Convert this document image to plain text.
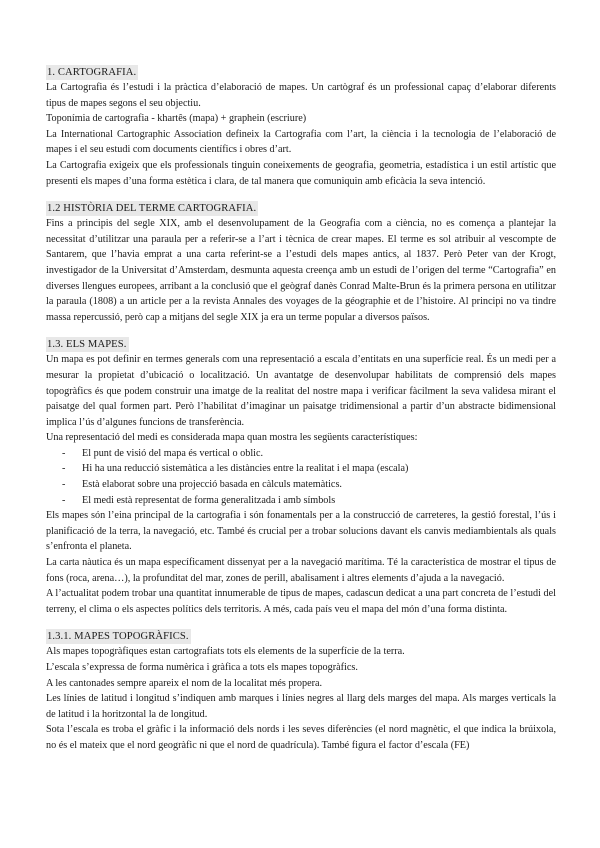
1. CARTOGRAFIA.

La Cartografia és l’estudi i la pràctica d’elaboració de mapes. Un cartògraf és un professional capaç d’elaborar diferents tipus de mapes segons el seu objectiu.

Toponímia de cartografia - khartês (mapa) + graphein (escriure)

La International Cartographic Association defineix la Cartografia com l’art, la ciència i la tecnologia de l’elaboració de mapes i el seu estudi com documents científics i obres d’art.

La Cartografia exigeix que els professionals tinguin coneixements de geografia, geometria, estadística i un estil artístic que presenti els mapes d’una forma estètica i clara, de tal manera que comuniquin amb eficàcia la seva intenció.

1.2 HISTÒRIA DEL TERME CARTOGRAFIA.

Fins a principis del segle XIX, amb el desenvolupament de la Geografia com a ciència, no es comença a plantejar la necessitat d’utilitzar una paraula per a referir-se a l’art i tècnica de crear mapes. El terme es sol atribuir al vescompte de Santarem, que l’havia emprat a una carta referint-se a l’estudi dels mapes antics, al 1837. Però Peter van der Krogt, investigador de la Universitat d’Amsterdam, desmunta aquesta creença amb un estudi de l’origen del terme “Cartografia” en diverses llengues europees, arribant a la conclusió que el geògraf danès Conrad Malte-Brun és la primera persona en utilitzar la paraula (1808) a un article per a la revista Annales des voyages de la géographie et de l’histoire. Al principi no va tindre massa repercussió, però cap a mitjans del segle XIX ja era un terme popular a diversos països.

1.3. ELS MAPES.

Un mapa es pot definir en termes generals com una representació a escala d’entitats en una superfície real. És un medi per a mesurar la propietat d’ubicació o localització. Un avantatge de desenvolupar habilitats de comprensió dels mapes topogràfics és que podem construir una imatge de la realitat del nostre mapa i verificar fàcilment la seva validesa mirant el paisatge del qual formen part. Però l’habilitat d’imaginar un paisatge tridimensional a partir d’un abstracte bidimensional implica l’ús d’algunes funcions de transferència.

Una representació del medi es considerada mapa quan mostra les següents característiques:

- El punt de visió del mapa és vertical o oblic.
- Hi ha una reducció sistemàtica a les distàncies entre la realitat i el mapa (escala)
- Està elaborat sobre una projecció basada en càlculs matemàtics.
- El medi està representat de forma generalitzada i amb símbols

Els mapes són l’eina principal de la cartografia i són fonamentals per a la construcció de carreteres, la gestió forestal, l’ús i planificació de la terra, la navegació, etc. També és crucial per a trobar solucions davant els canvis mediambientals als quals s’enfronta el planeta.

La carta nàutica és un mapa específicament dissenyat per a la navegació marítima. Té la característica de mostrar el tipus de fons (roca, arena…), la profunditat del mar, zones de perill, abalisament i altres elements d’ajuda a la navegació.

A l’actualitat podem trobar una quantitat innumerable de tipus de mapes, cadascun dedicat a una part concreta de l’estudi del terreny, el clima o els aspectes polítics dels territoris. A més, cada país veu el mapa del món d’una forma distinta.

1.3.1. MAPES TOPOGRÀFICS.

Als mapes topogràfiques estan cartografiats tots els elements de la superfície de la terra.

L’escala s’expressa de forma numèrica i gràfica a tots els mapes topogràfics.

A les cantonades sempre apareix el nom de la localitat més propera.

Les línies de latitud i longitud s’indiquen amb marques i línies negres al llarg dels marges del mapa. Als marges verticals la de latitud i la horitzontal la de longitud.

Sota l’escala es troba el gràfic i la informació dels nords i les seves diferències (el nord magnètic, el que indica la brúixola, no és el mateix que el nord geogràfic ni que el nord de quadrícula). També figura el factor d’escala (FE)
